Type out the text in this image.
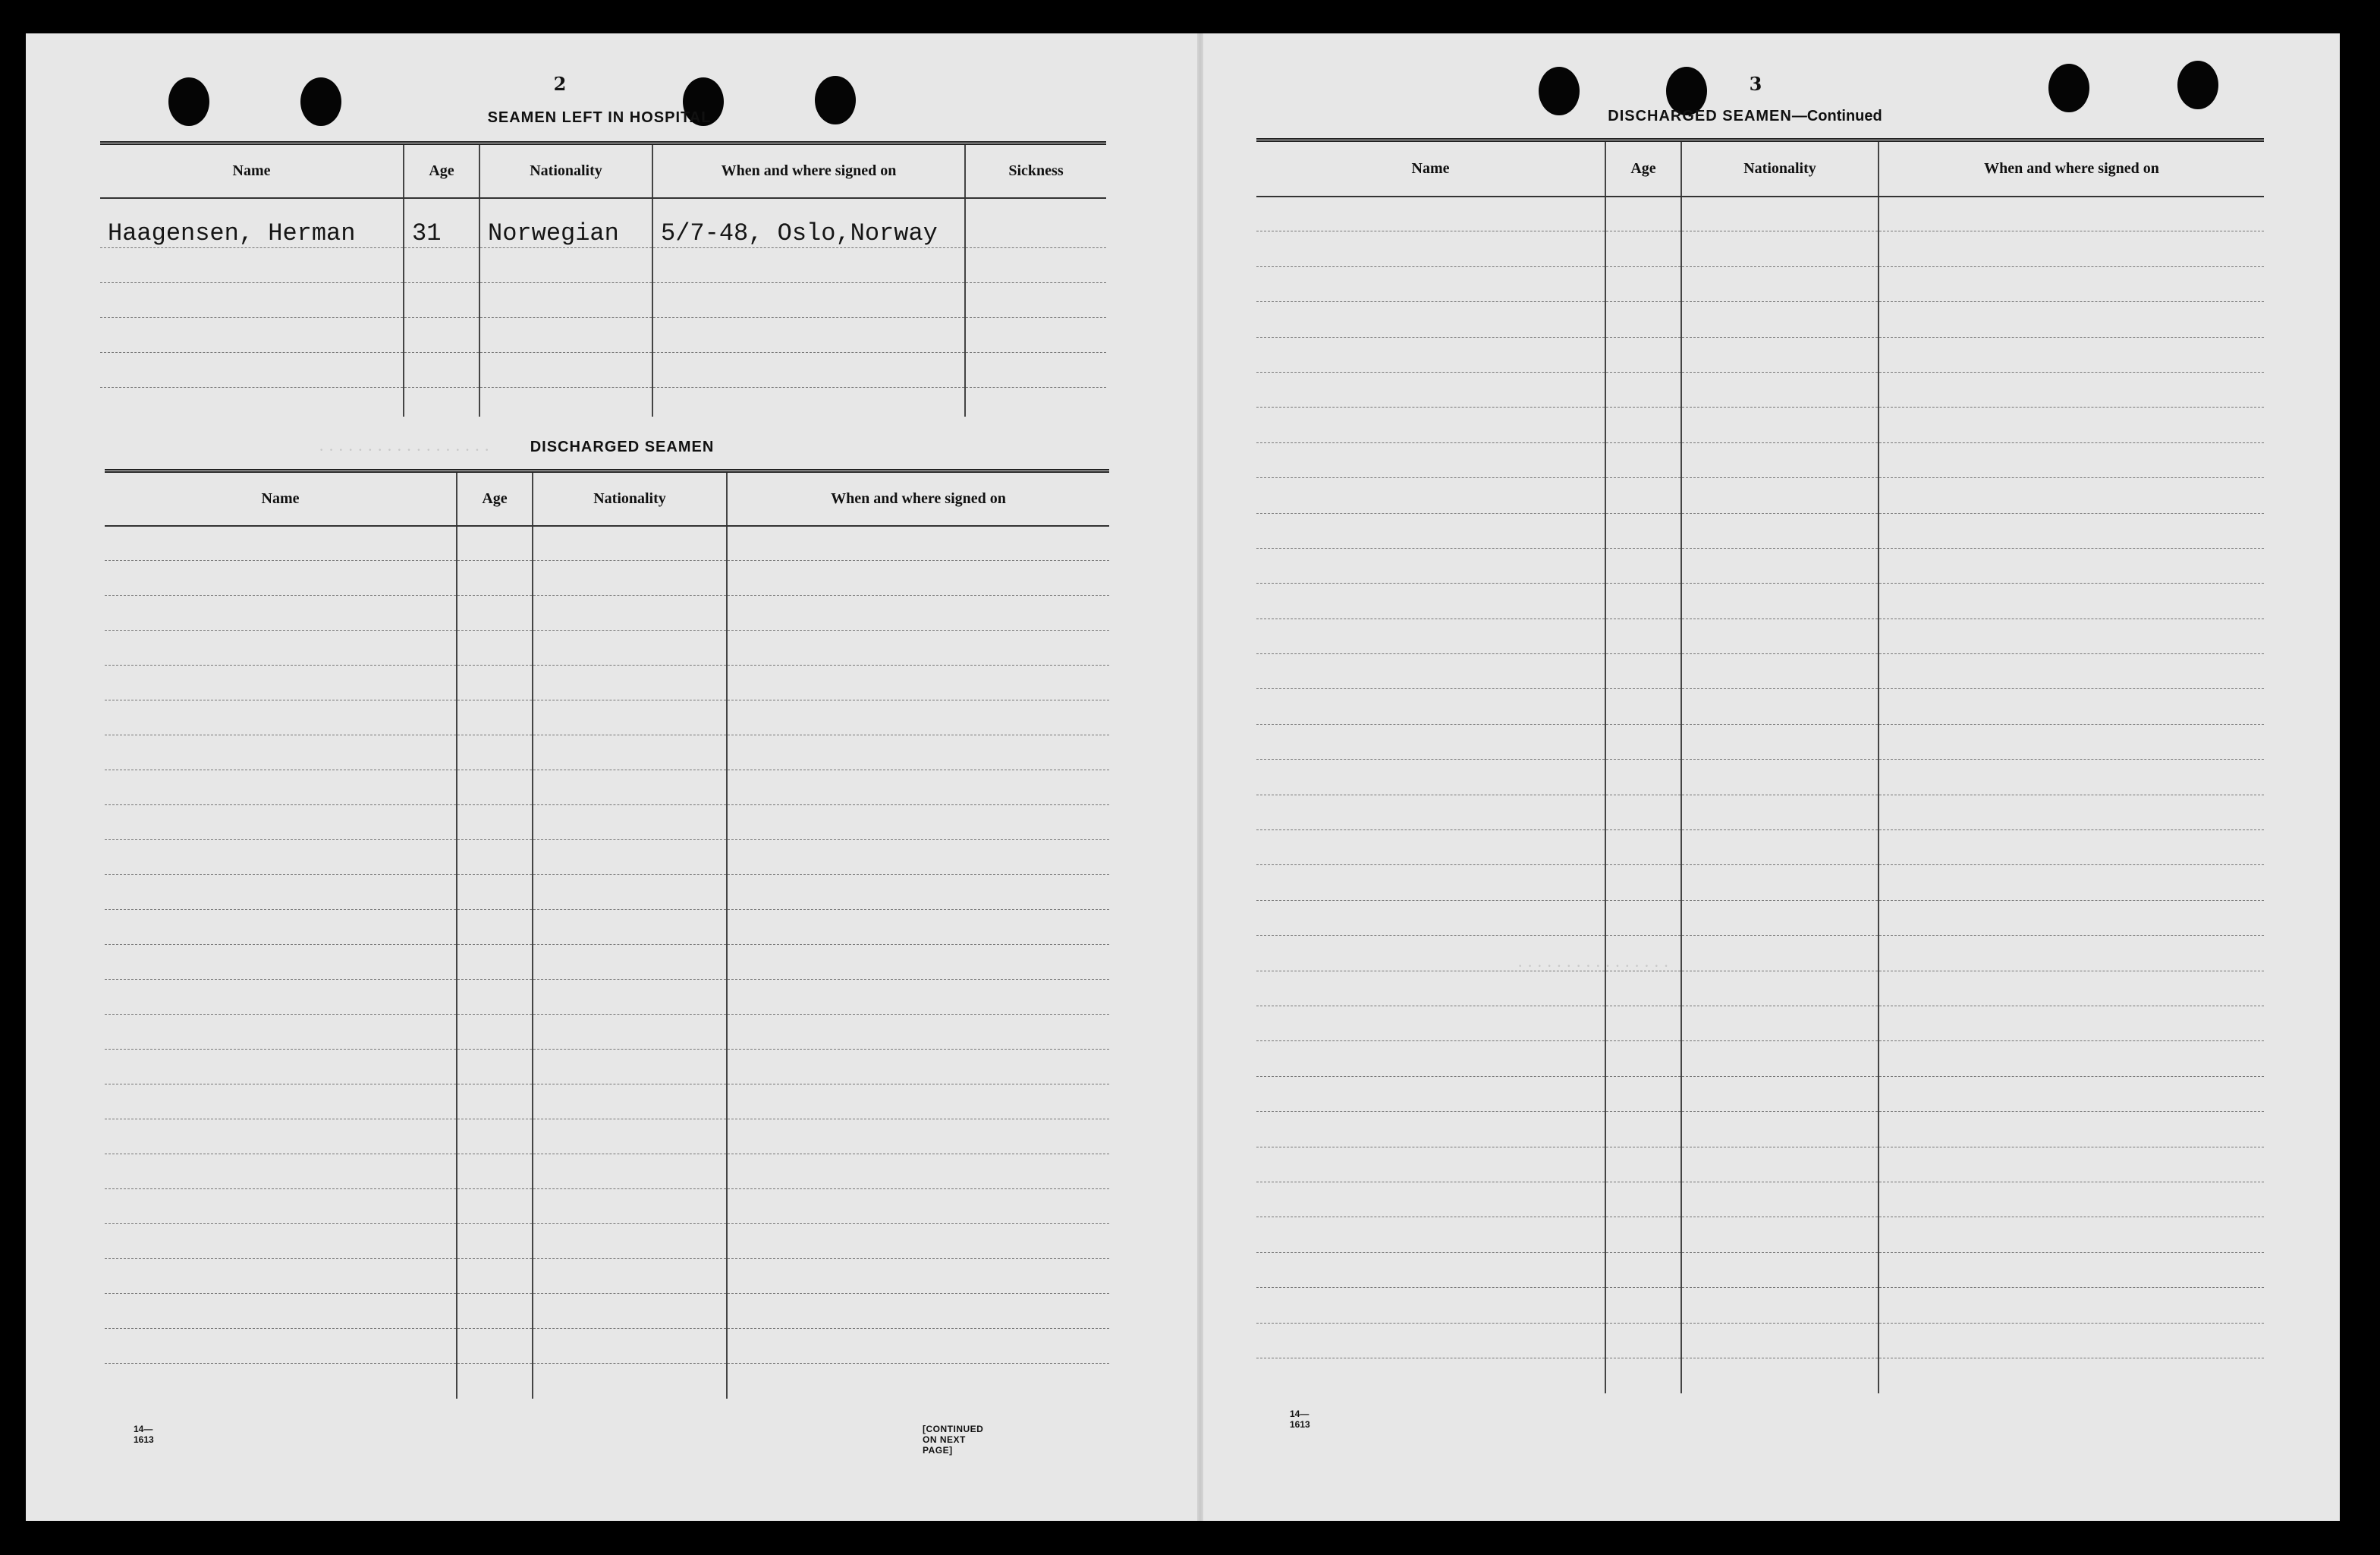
2
SEAMEN LEFT IN HOSPITAL
Name	Age	Nationality	When and where signed on	Sickness
Haagensen, Herman	31	Norwegian	5/7-48, Oslo,Norway	

DISCHARGED SEAMEN
Name	Age	Nationality	When and where signed on

14—1613
[CONTINUED ON NEXT PAGE]
3
DISCHARGED SEAMEN—Continued
Name	Age	Nationality	When and where signed on

14—1613
